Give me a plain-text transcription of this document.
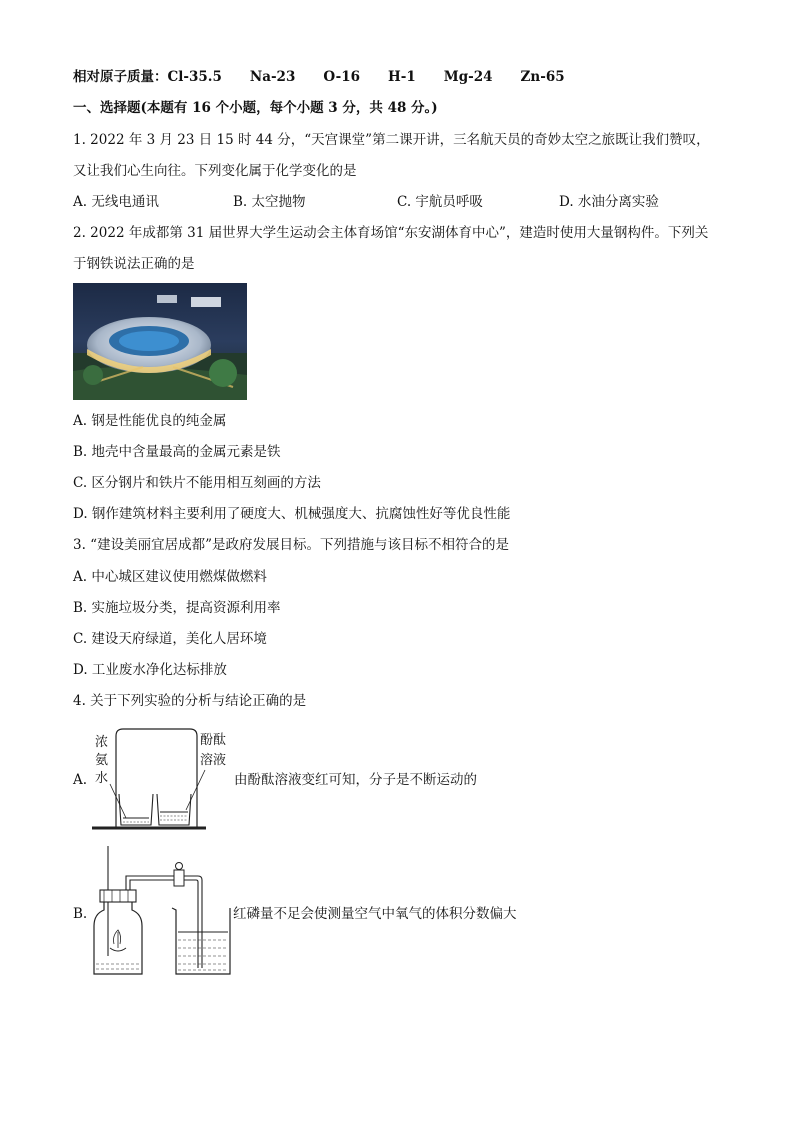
相对原子质量：Cl-35.5 Na-23 O-16 H-1 Mg-24 Zn-65
一、选择题(本题有 16 个小题，每个小题 3 分，共 48 分。)
1. 2022 年 3 月 23 日 15 时 44 分，“天宫课堂”第二课开讲，三名航天员的奇妙太空之旅既让我们赞叹，
又让我们心生向往。下列变化属于化学变化的是
A. 无线电通讯	B. 太空抛物	C. 宇航员呼吸	D. 水油分离实验
2. 2022 年成都第 31 届世界大学生运动会主体育场馆“东安湖体育中心”，建造时使用大量钢构件。下列关
于钢铁说法正确的是
A. 钢是性能优良的纯金属
B. 地壳中含量最高的金属元素是铁
C. 区分钢片和铁片不能用相互刻画的方法
D. 钢作建筑材料主要利用了硬度大、机械强度大、抗腐蚀性好等优良性能
3. “建设美丽宜居成都”是政府发展目标。下列措施与该目标不相符合的是
A. 中心城区建议使用燃煤做燃料
B. 实施垃圾分类，提高资源利用率
C. 建设天府绿道，美化人居环境
D. 工业废水净化达标排放
4. 关于下列实验的分析与结论正确的是
A.
浓
氨
水
酚酞
溶液
由酚酞溶液变红可知，分子是不断运动的
B.	红磷量不足会使测量空气中氧气的体积分数偏大
